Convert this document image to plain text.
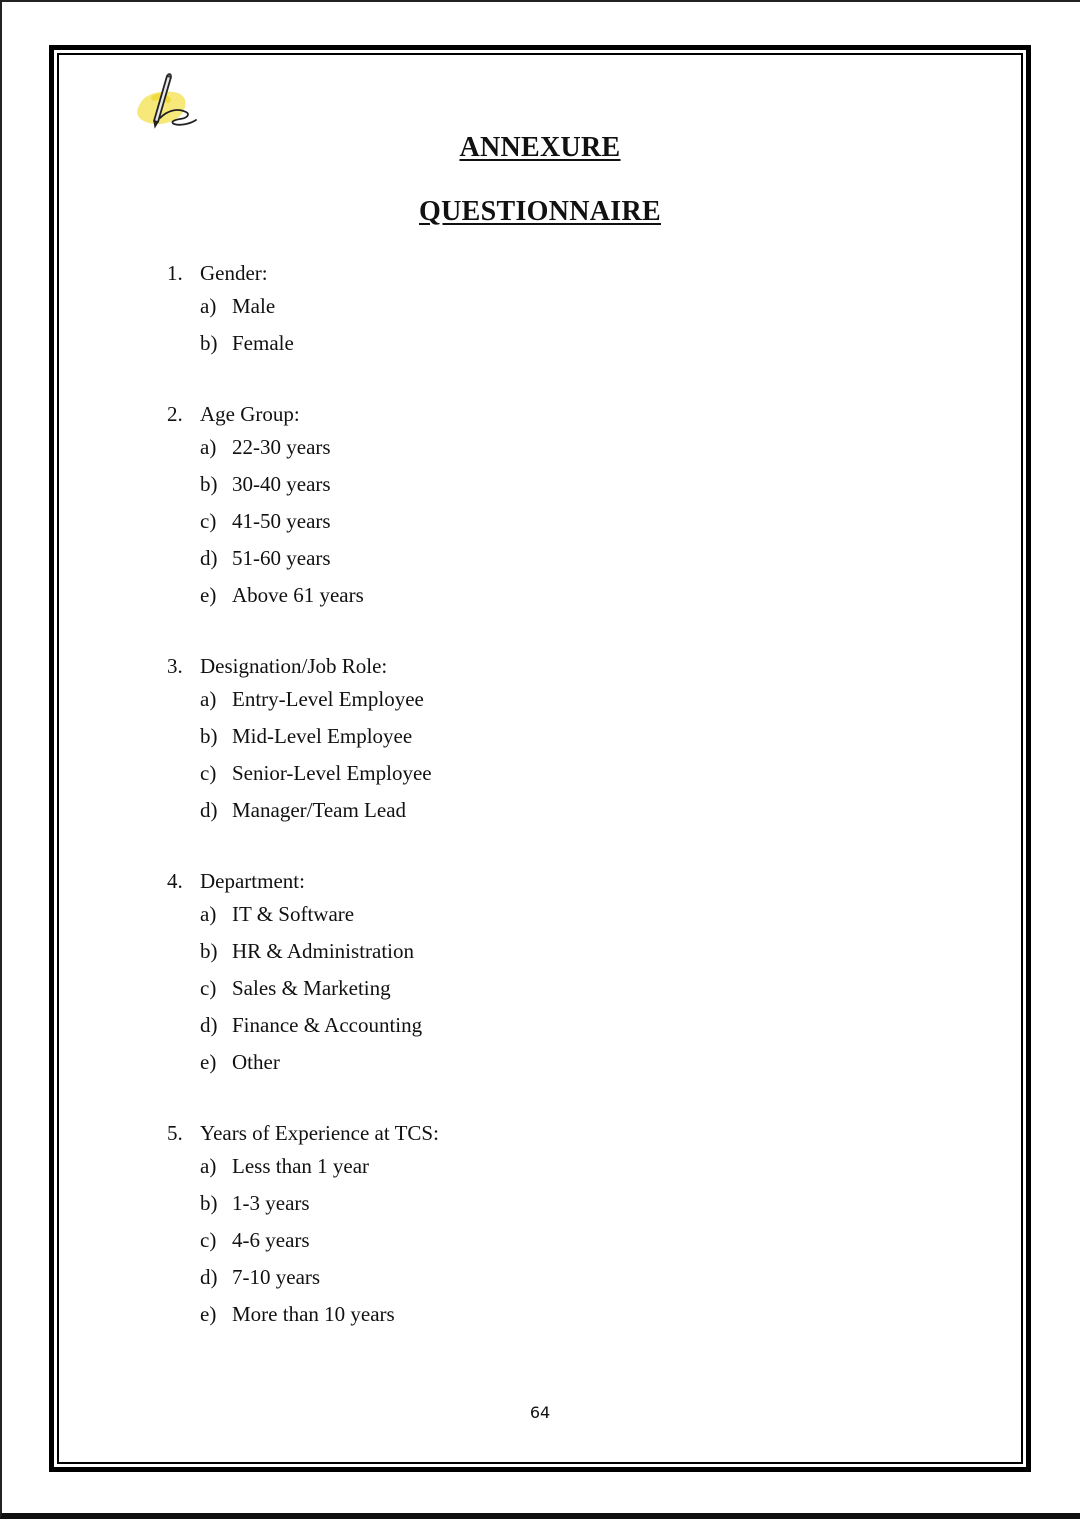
ANNEXURE
QUESTIONNAIRE
1. Gender:
a) Male
b) Female
2. Age Group:
a) 22-30 years
b) 30-40 years
c) 41-50 years
d) 51-60 years
e) Above 61 years
3. Designation/Job Role:
a) Entry-Level Employee
b) Mid-Level Employee
c) Senior-Level Employee
d) Manager/Team Lead
4. Department:
a) IT & Software
b) HR & Administration
c) Sales & Marketing
d) Finance & Accounting
e) Other
5. Years of Experience at TCS:
a) Less than 1 year
b) 1-3 years
c) 4-6 years
d) 7-10 years
e) More than 10 years
64
